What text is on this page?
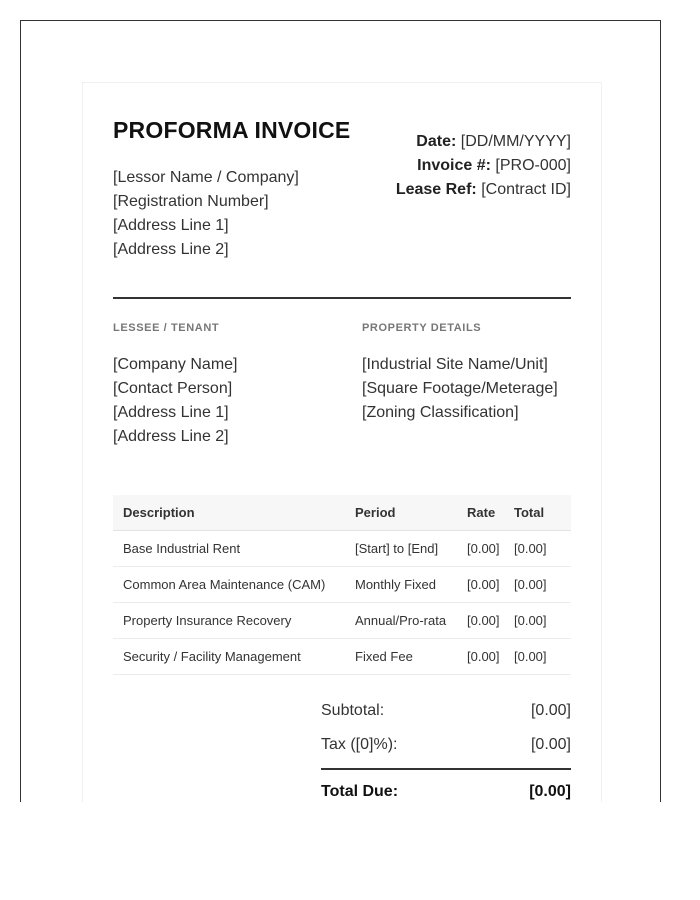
PROFORMA INVOICE
[Lessor Name / Company]
[Registration Number]
[Address Line 1]
[Address Line 2]
Date: [DD/MM/YYYY]
Invoice #: [PRO-000]
Lease Ref: [Contract ID]
LESSEE / TENANT	PROPERTY DETAILS
[Company Name]
[Contact Person]
[Address Line 1]
[Address Line 2]
[Industrial Site Name/Unit]
[Square Footage/Meterage]
[Zoning Classification]
Description	Period	Rate	Total
Base Industrial Rent	[Start] to [End]	[0.00]	[0.00]
Common Area Maintenance (CAM)	Monthly Fixed	[0.00]	[0.00]
Property Insurance Recovery	Annual/Pro-rata	[0.00]	[0.00]
Security / Facility Management	Fixed Fee	[0.00]	[0.00]
Subtotal:	[0.00]
Tax ([0]%):	[0.00]
Total Due:	[0.00]
